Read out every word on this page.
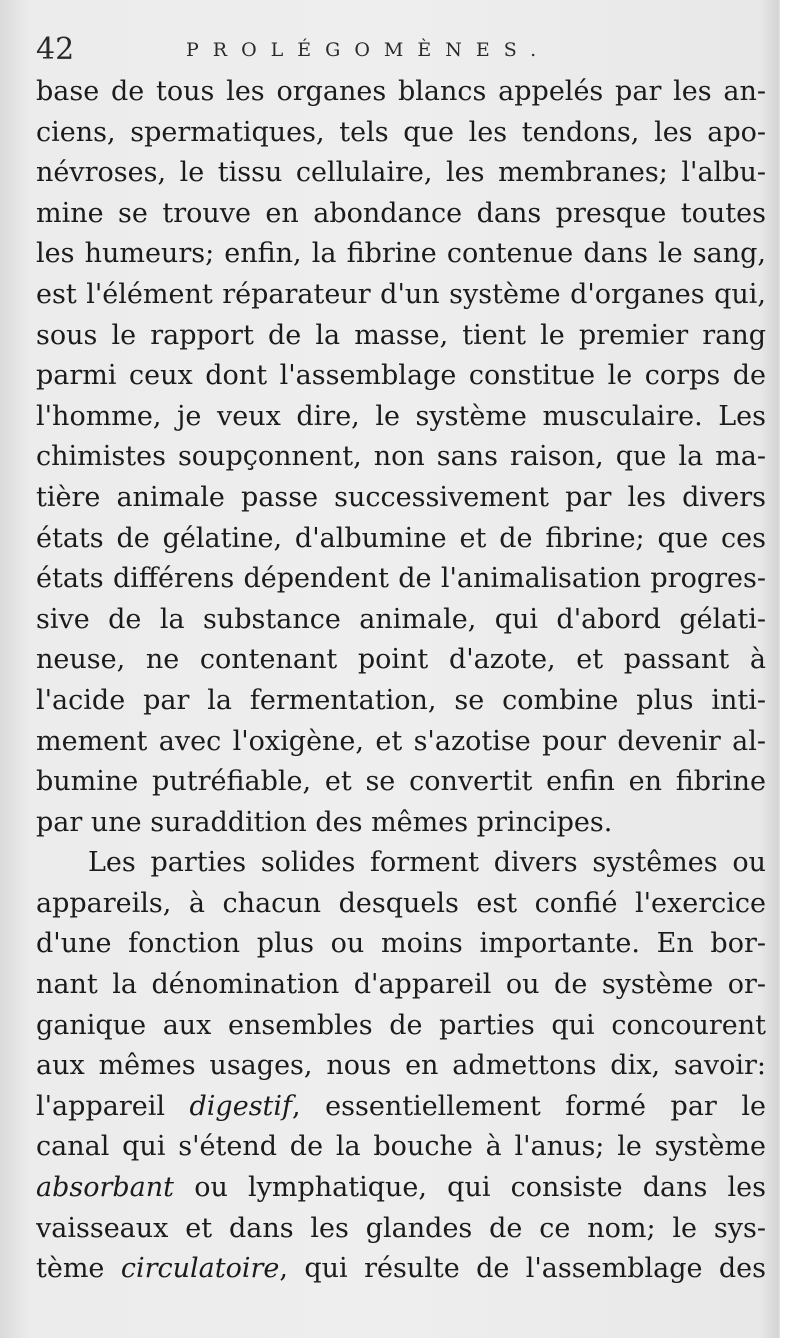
42	PROLÉGOMÈNES.
base de tous les organes blancs appelés par les an-
ciens, spermatiques, tels que les tendons, les apo-
névroses, le tissu cellulaire, les membranes; l'albu-
mine se trouve en abondance dans presque toutes
les humeurs; enfin, la fibrine contenue dans le sang,
est l'élément réparateur d'un système d'organes qui,
sous le rapport de la masse, tient le premier rang
parmi ceux dont l'assemblage constitue le corps de
l'homme, je veux dire, le système musculaire. Les
chimistes soupçonnent, non sans raison, que la ma-
tière animale passe successivement par les divers
états de gélatine, d'albumine et de fibrine; que ces
états différens dépendent de l'animalisation progres-
sive de la substance animale, qui d'abord gélati-
neuse, ne contenant point d'azote, et passant à
l'acide par la fermentation, se combine plus inti-
mement avec l'oxigène, et s'azotise pour devenir al-
bumine putréfiable, et se convertit enfin en fibrine
par une suraddition des mêmes principes.
Les parties solides forment divers systêmes ou
appareils, à chacun desquels est confié l'exercice
d'une fonction plus ou moins importante. En bor-
nant la dénomination d'appareil ou de système or-
ganique aux ensembles de parties qui concourent
aux mêmes usages, nous en admettons dix, savoir:
l'appareil digestif, essentiellement formé par le
canal qui s'étend de la bouche à l'anus; le système
absorbant ou lymphatique, qui consiste dans les
vaisseaux et dans les glandes de ce nom; le sys-
tème circulatoire, qui résulte de l'assemblage des
